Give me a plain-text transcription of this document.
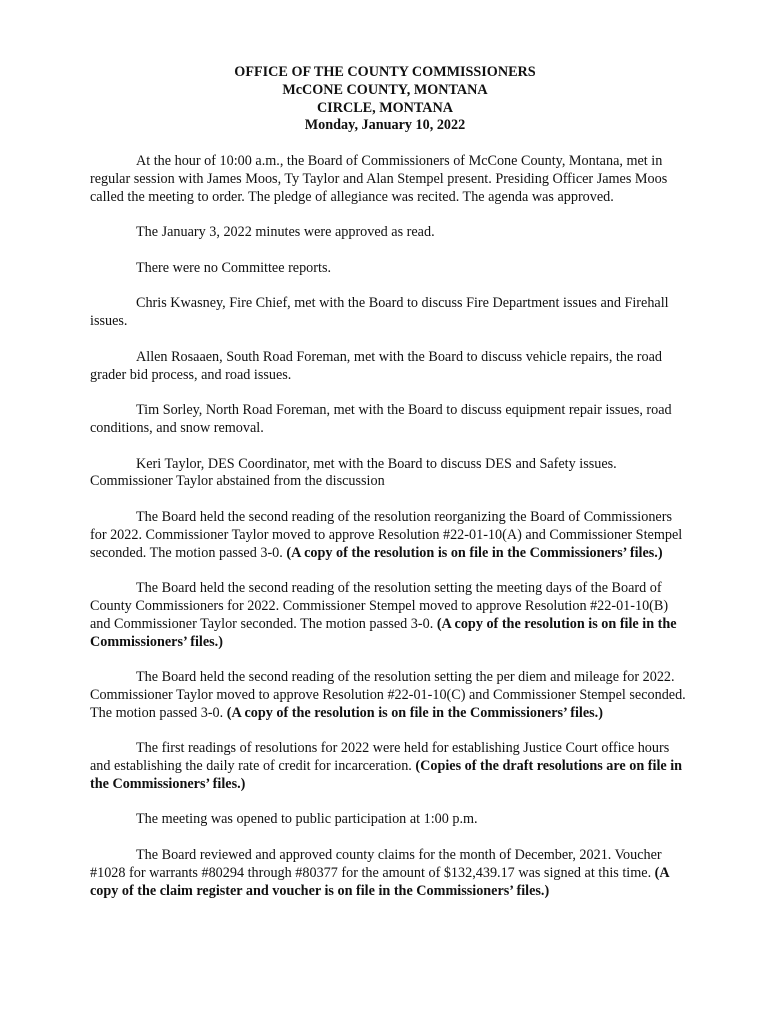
OFFICE OF THE COUNTY COMMISSIONERS
McCONE COUNTY, MONTANA
CIRCLE, MONTANA
Monday, January 10, 2022

At the hour of 10:00 a.m., the Board of Commissioners of McCone County, Montana, met in regular session with James Moos, Ty Taylor and Alan Stempel present. Presiding Officer James Moos called the meeting to order. The pledge of allegiance was recited. The agenda was approved.

The January 3, 2022 minutes were approved as read.

There were no Committee reports.

Chris Kwasney, Fire Chief, met with the Board to discuss Fire Department issues and Firehall issues.

Allen Rosaaen, South Road Foreman, met with the Board to discuss vehicle repairs, the road grader bid process, and road issues.

Tim Sorley, North Road Foreman, met with the Board to discuss equipment repair issues, road conditions, and snow removal.

Keri Taylor, DES Coordinator, met with the Board to discuss DES and Safety issues. Commissioner Taylor abstained from the discussion

The Board held the second reading of the resolution reorganizing the Board of Commissioners for 2022. Commissioner Taylor moved to approve Resolution #22-01-10(A) and Commissioner Stempel seconded. The motion passed 3-0. (A copy of the resolution is on file in the Commissioners’ files.)

The Board held the second reading of the resolution setting the meeting days of the Board of County Commissioners for 2022. Commissioner Stempel moved to approve Resolution #22-01-10(B) and Commissioner Taylor seconded. The motion passed 3-0. (A copy of the resolution is on file in the Commissioners’ files.)

The Board held the second reading of the resolution setting the per diem and mileage for 2022. Commissioner Taylor moved to approve Resolution #22-01-10(C) and Commissioner Stempel seconded. The motion passed 3-0. (A copy of the resolution is on file in the Commissioners’ files.)

The first readings of resolutions for 2022 were held for establishing Justice Court office hours and establishing the daily rate of credit for incarceration. (Copies of the draft resolutions are on file in the Commissioners’ files.)

The meeting was opened to public participation at 1:00 p.m.

The Board reviewed and approved county claims for the month of December, 2021. Voucher #1028 for warrants #80294 through #80377 for the amount of $132,439.17 was signed at this time. (A copy of the claim register and voucher is on file in the Commissioners’ files.)
